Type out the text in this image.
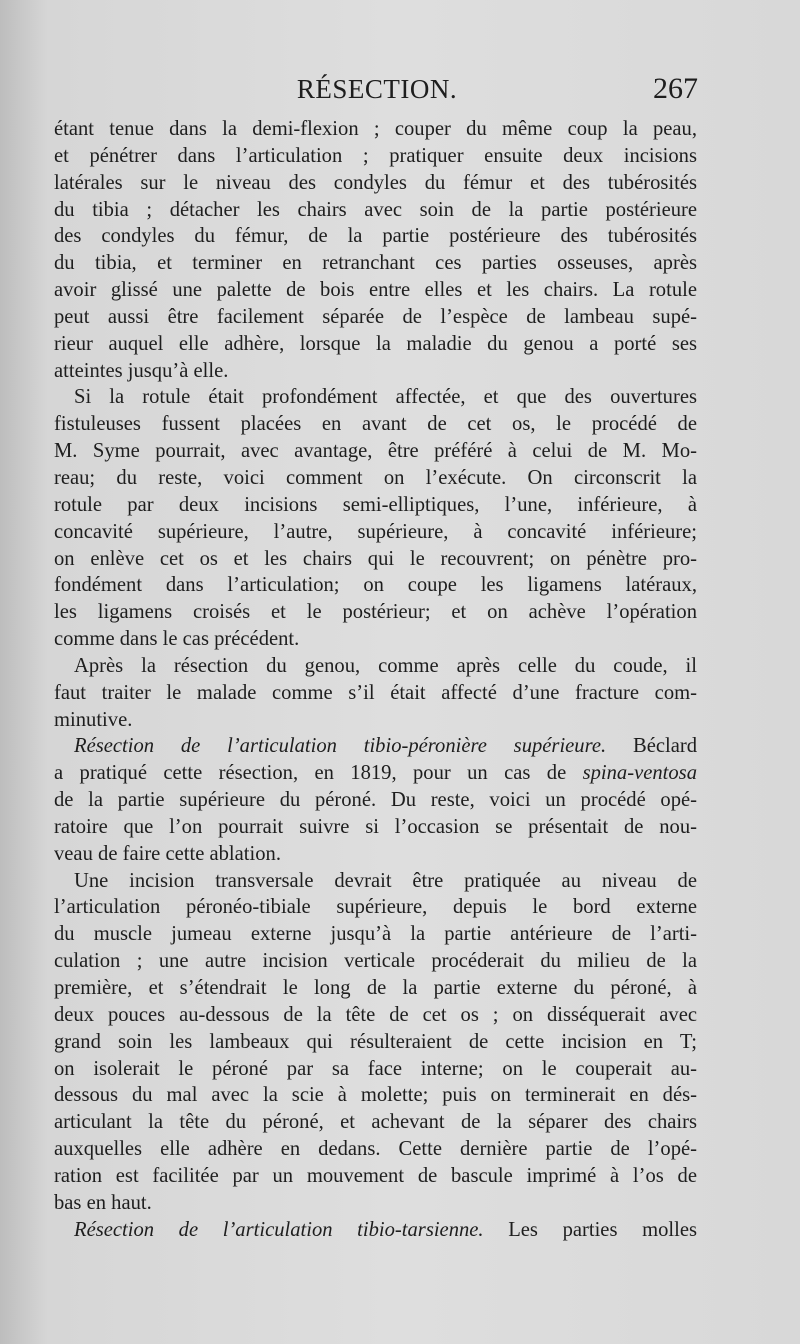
RÉSECTION.	267
étant tenue dans la demi-flexion ; couper du même coup la peau,
et pénétrer dans l’articulation ; pratiquer ensuite deux incisions
latérales sur le niveau des condyles du fémur et des tubérosités
du tibia ; détacher les chairs avec soin de la partie postérieure
des condyles du fémur, de la partie postérieure des tubérosités
du tibia, et terminer en retranchant ces parties osseuses, après
avoir glissé une palette de bois entre elles et les chairs. La rotule
peut aussi être facilement séparée de l’espèce de lambeau supé-
rieur auquel elle adhère, lorsque la maladie du genou a porté ses
atteintes jusqu’à elle.
Si la rotule était profondément affectée, et que des ouvertures
fistuleuses fussent placées en avant de cet os, le procédé de
M. Syme pourrait, avec avantage, être préféré à celui de M. Mo-
reau; du reste, voici comment on l’exécute. On circonscrit la
rotule par deux incisions semi-elliptiques, l’une, inférieure, à
concavité supérieure, l’autre, supérieure, à concavité inférieure;
on enlève cet os et les chairs qui le recouvrent; on pénètre pro-
fondément dans l’articulation; on coupe les ligamens latéraux,
les ligamens croisés et le postérieur; et on achève l’opération
comme dans le cas précédent.
Après la résection du genou, comme après celle du coude, il
faut traiter le malade comme s’il était affecté d’une fracture com-
minutive.
Résection de l’articulation tibio-péronière supérieure. Béclard
a pratiqué cette résection, en 1819, pour un cas de spina-ventosa
de la partie supérieure du péroné. Du reste, voici un procédé opé-
ratoire que l’on pourrait suivre si l’occasion se présentait de nou-
veau de faire cette ablation.
Une incision transversale devrait être pratiquée au niveau de
l’articulation péronéo-tibiale supérieure, depuis le bord externe
du muscle jumeau externe jusqu’à la partie antérieure de l’arti-
culation ; une autre incision verticale procéderait du milieu de la
première, et s’étendrait le long de la partie externe du péroné, à
deux pouces au-dessous de la tête de cet os ; on disséquerait avec
grand soin les lambeaux qui résulteraient de cette incision en T;
on isolerait le péroné par sa face interne; on le couperait au-
dessous du mal avec la scie à molette; puis on terminerait en dés-
articulant la tête du péroné, et achevant de la séparer des chairs
auxquelles elle adhère en dedans. Cette dernière partie de l’opé-
ration est facilitée par un mouvement de bascule imprimé à l’os de
bas en haut.
Résection de l’articulation tibio-tarsienne. Les parties molles
